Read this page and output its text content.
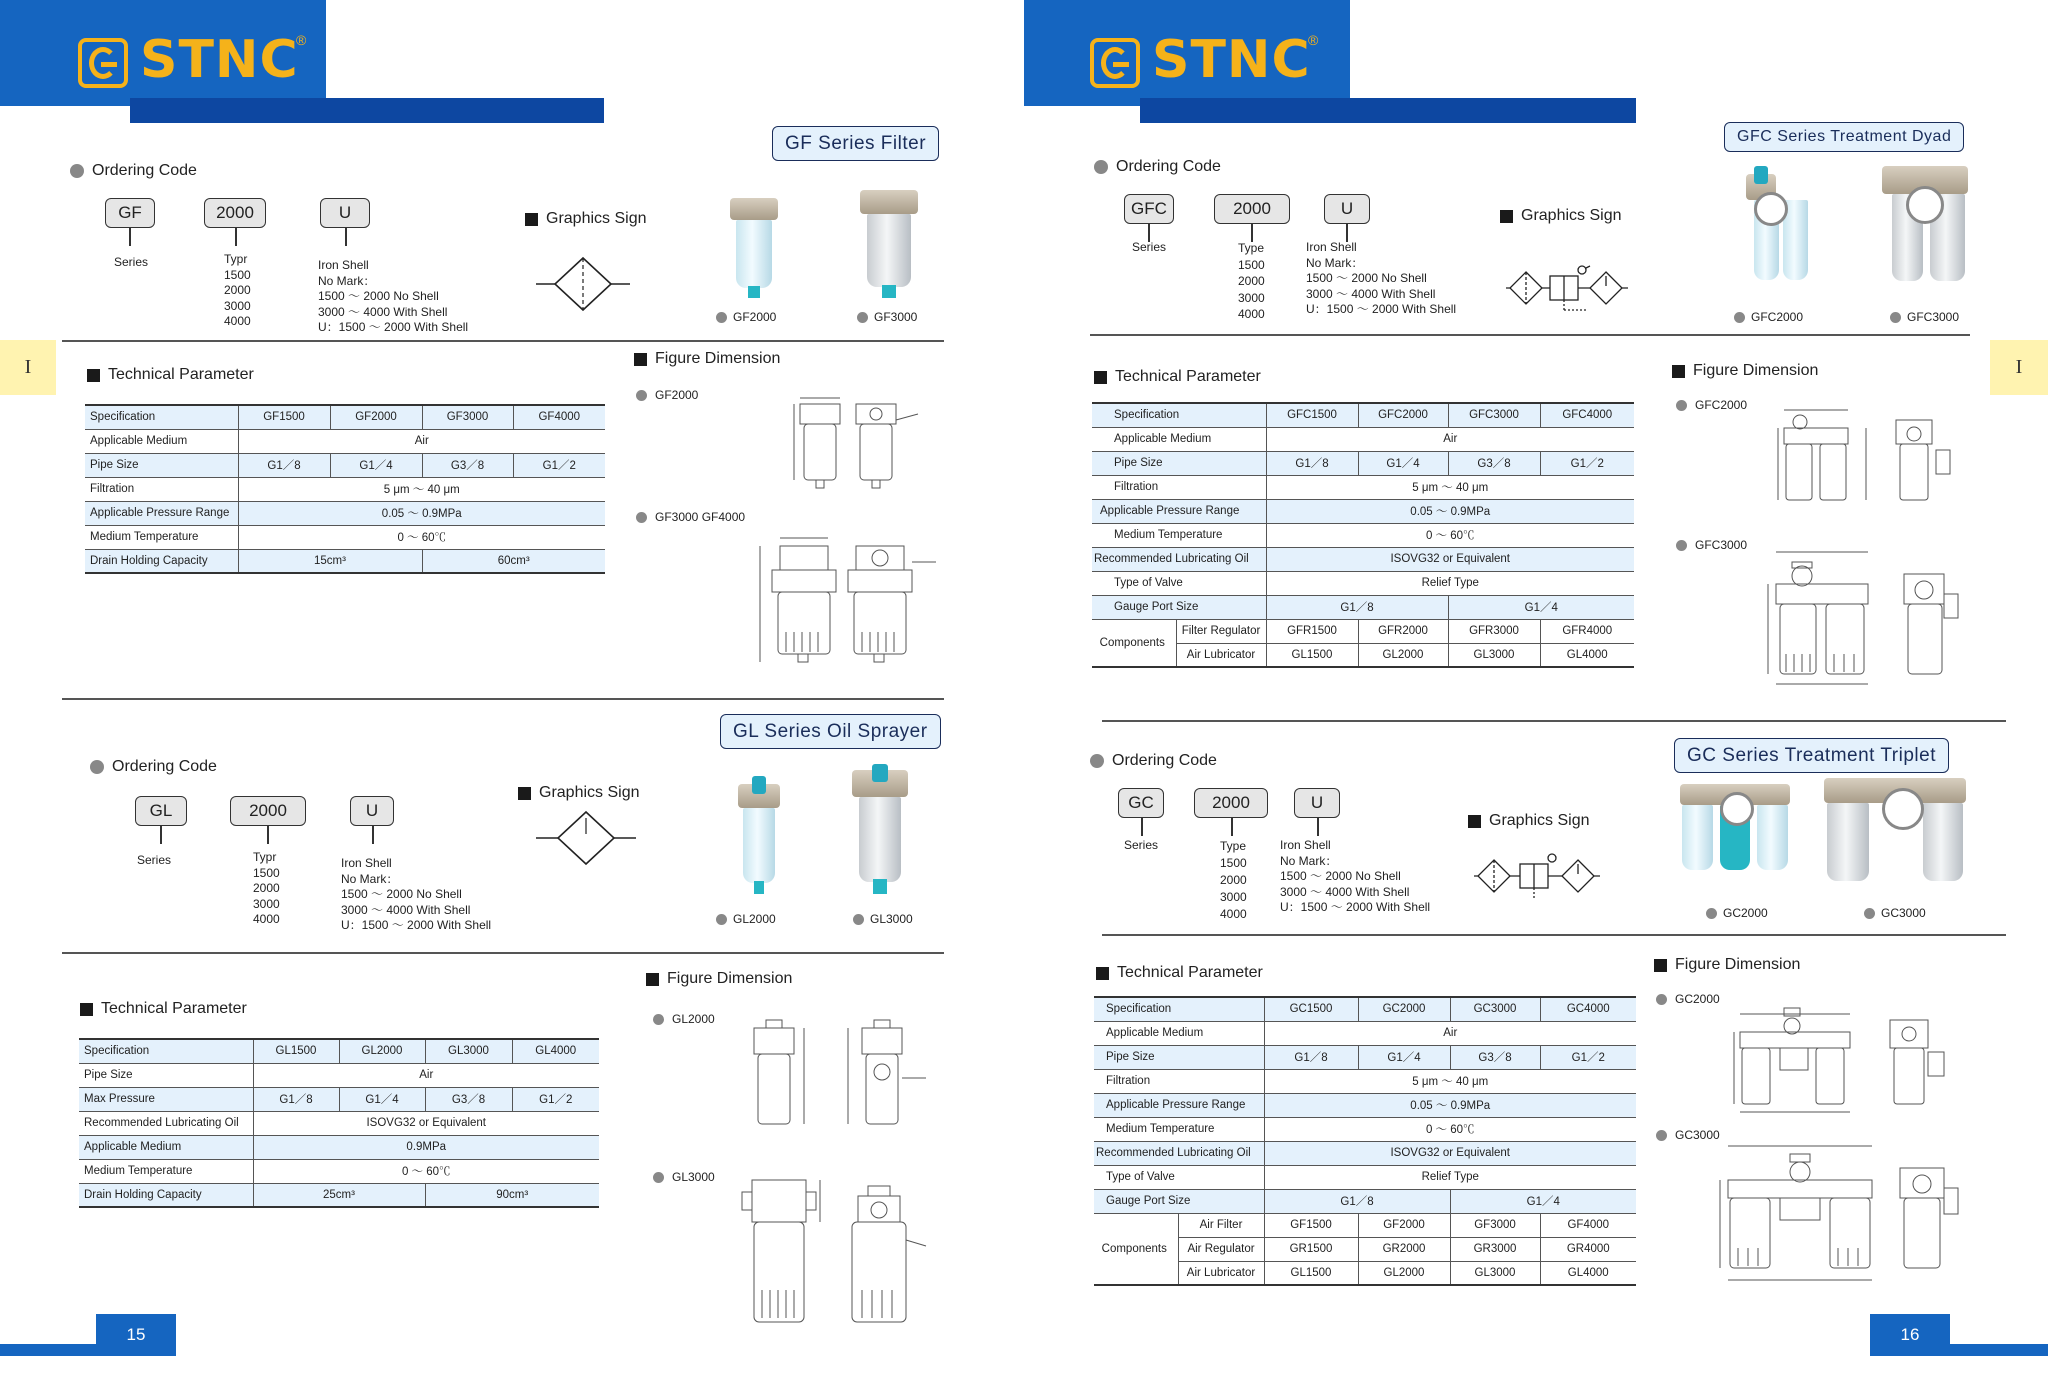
STNC
®
I
GF Series Filter
Ordering Code
GF	2000	U
Series	Typr
1500
2000
3000
4000
Iron Shell
No Mark：
1500 ～ 2000 No Shell
3000 ～ 4000 With Shell
U：1500 ～ 2000 With Shell
Graphics Sign
GF2000	GF3000
Technical Parameter
Figure Dimension
Specification	GF1500	GF2000	GF3000	GF4000
Applicable Medium	Air			
Pipe Size	G1／8	G1／4	G3／8	G1／2
Filtration	5 μm ～ 40 μm			
Applicable Pressure Range	0.05 ～ 0.9MPa			
Medium Temperature	0 ～ 60℃			
Drain Holding Capacity	15cm³		60cm³	
GF2000
GF3000 GF4000
GL Series Oil Sprayer
Ordering Code
GL	2000	U
Series	Typr
1500
2000
3000
4000
Iron Shell
No Mark：
1500 ～ 2000 No Shell
3000 ～ 4000 With Shell
U：1500 ～ 2000 With Shell
Graphics Sign
GL2000	GL3000
Technical Parameter
Figure Dimension
Specification	GL1500	GL2000	GL3000	GL4000
Pipe Size	Air			
Max Pressure	G1／8	G1／4	G3／8	G1／2
Recommended Lubricating Oil	ISOVG32 or Equivalent			
Applicable Medium	0.9MPa			
Medium Temperature	0 ～ 60℃			
Drain Holding Capacity	25cm³		90cm³	
GL2000
GL3000
15
STNC
®
I
GFC Series Treatment Dyad
Ordering Code
GFC	2000	U
Series	Type
1500
2000
3000
4000
Iron Shell
No Mark：
1500 ～ 2000 No Shell
3000 ～ 4000 With Shell
U：1500 ～ 2000 With Shell
Graphics Sign
GFC2000	GFC3000
Technical Parameter	Figure Dimension
Specification		GFC1500	GFC2000	GFC3000	GFC4000
Applicable Medium		Air			
Pipe Size		G1／8	G1／4	G3／8	G1／2
Filtration		5 μm ～ 40 μm			
Applicable Pressure Range		0.05 ～ 0.9MPa			
Medium Temperature		0 ～ 60℃			
Recommended Lubricating Oil		ISOVG32 or Equivalent			
Type of Valve		Relief Type			
Gauge Port Size		G1／8		G1／4	
Components	Filter Regulator	GFR1500	GFR2000	GFR3000	GFR4000
	Air Lubricator	GL1500	GL2000	GL3000	GL4000
GFC2000
GFC3000
GC Series Treatment Triplet
Ordering Code
GC	2000	U
Series	Type
1500
2000
3000
4000
Iron Shell
No Mark：
1500 ～ 2000 No Shell
3000 ～ 4000 With Shell
U：1500 ～ 2000 With Shell
Graphics Sign
GC2000	GC3000
Technical Parameter	Figure Dimension
Specification		GC1500	GC2000	GC3000	GC4000
Applicable Medium		Air			
Pipe Size		G1／8	G1／4	G3／8	G1／2
Filtration		5 μm ～ 40 μm			
Applicable Pressure Range		0.05 ～ 0.9MPa			
Medium Temperature		0 ～ 60℃			
Recommended Lubricating Oil		ISOVG32 or Equivalent			
Type of Valve		Relief Type			
Gauge Port Size		G1／8		G1／4	
Components	Air Filter	GF1500	GF2000	GF3000	GF4000
	Air Regulator	GR1500	GR2000	GR3000	GR4000
	Air Lubricator	GL1500	GL2000	GL3000	GL4000
GC2000
GC3000
16
